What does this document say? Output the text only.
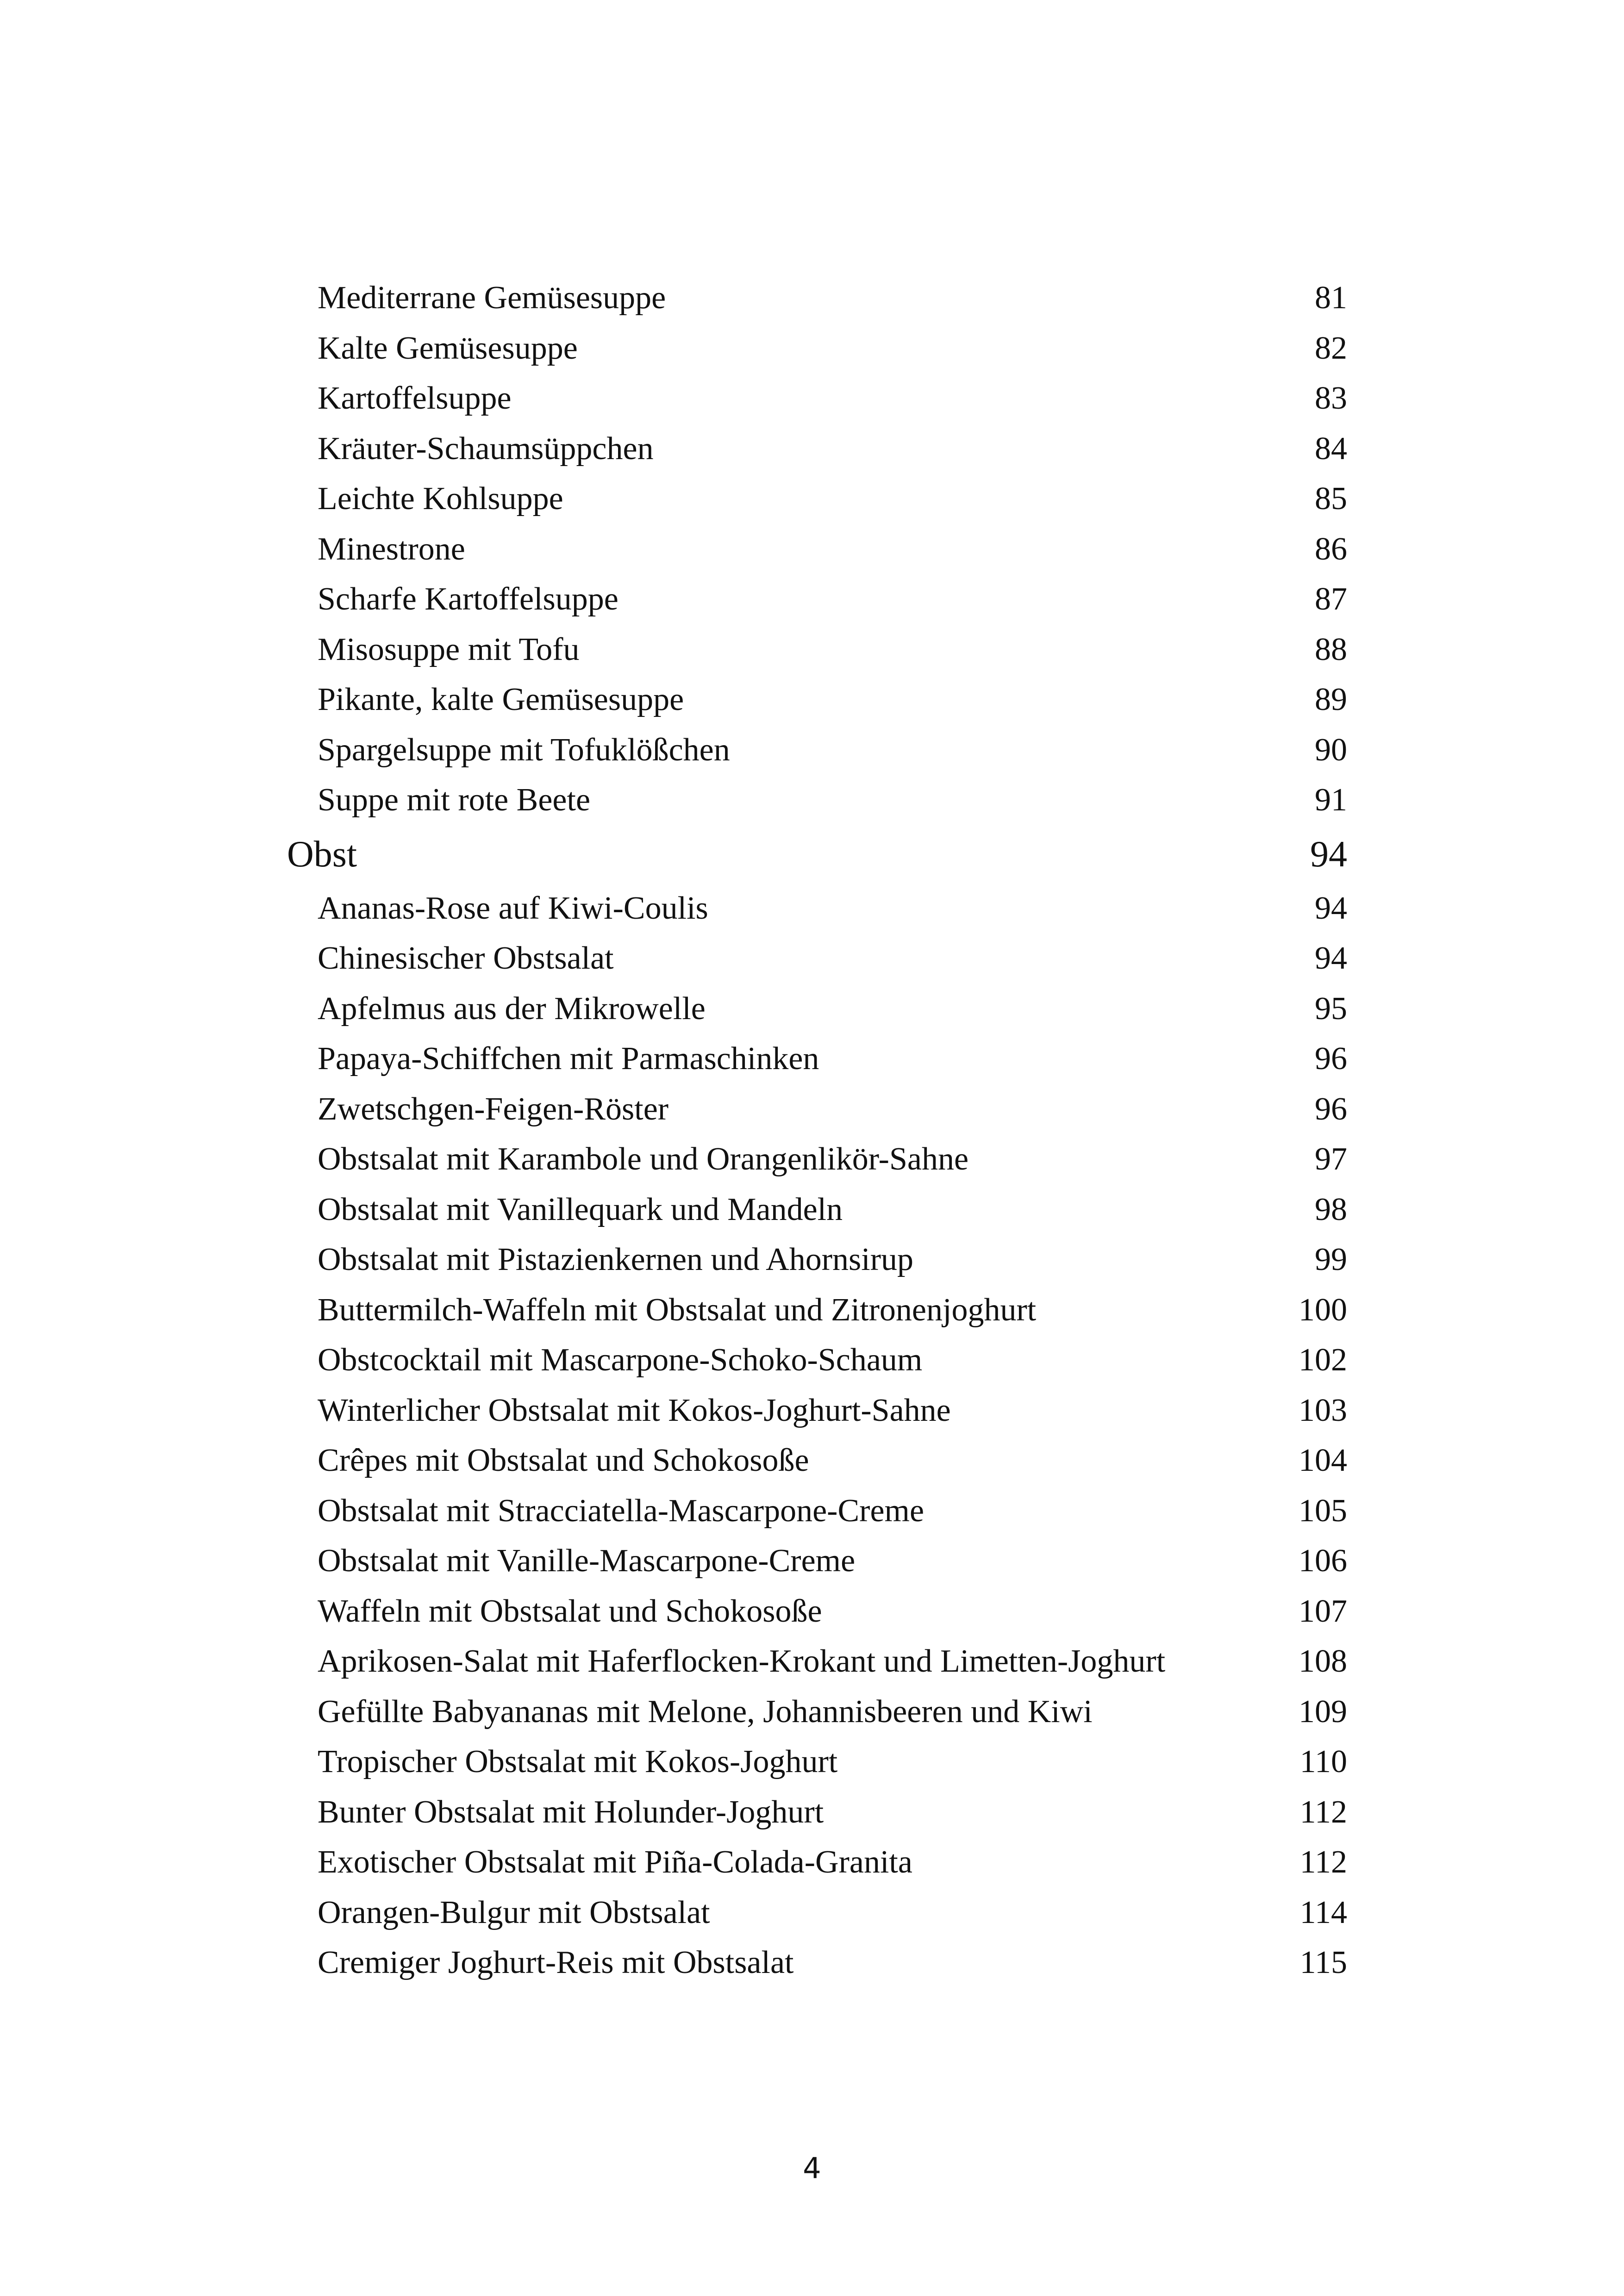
Mediterrane Gemüsesuppe	81
Kalte Gemüsesuppe	82
Kartoffelsuppe	83
Kräuter-Schaumsüppchen	84
Leichte Kohlsuppe	85
Minestrone	86
Scharfe Kartoffelsuppe	87
Misosuppe mit Tofu	88
Pikante, kalte Gemüsesuppe	89
Spargelsuppe mit Tofuklößchen	90
Suppe mit rote Beete	91
Obst	94
Ananas-Rose auf Kiwi-Coulis	94
Chinesischer Obstsalat	94
Apfelmus aus der Mikrowelle	95
Papaya-Schiffchen mit Parmaschinken	96
Zwetschgen-Feigen-Röster	96
Obstsalat mit Karambole und Orangenlikör-Sahne	97
Obstsalat mit Vanillequark und Mandeln	98
Obstsalat mit Pistazienkernen und Ahornsirup	99
Buttermilch-Waffeln mit Obstsalat und Zitronenjoghurt	100
Obstcocktail mit Mascarpone-Schoko-Schaum	102
Winterlicher Obstsalat mit Kokos-Joghurt-Sahne	103
Crêpes mit Obstsalat und Schokosoße	104
Obstsalat mit Stracciatella-Mascarpone-Creme	105
Obstsalat mit Vanille-Mascarpone-Creme	106
Waffeln mit Obstsalat und Schokosoße	107
Aprikosen-Salat mit Haferflocken-Krokant und Limetten-Joghurt	108
Gefüllte Babyananas mit Melone, Johannisbeeren und Kiwi	109
Tropischer Obstsalat mit Kokos-Joghurt	110
Bunter Obstsalat mit Holunder-Joghurt	112
Exotischer Obstsalat mit Piña-Colada-Granita	112
Orangen-Bulgur mit Obstsalat	114
Cremiger Joghurt-Reis mit Obstsalat	115
4
